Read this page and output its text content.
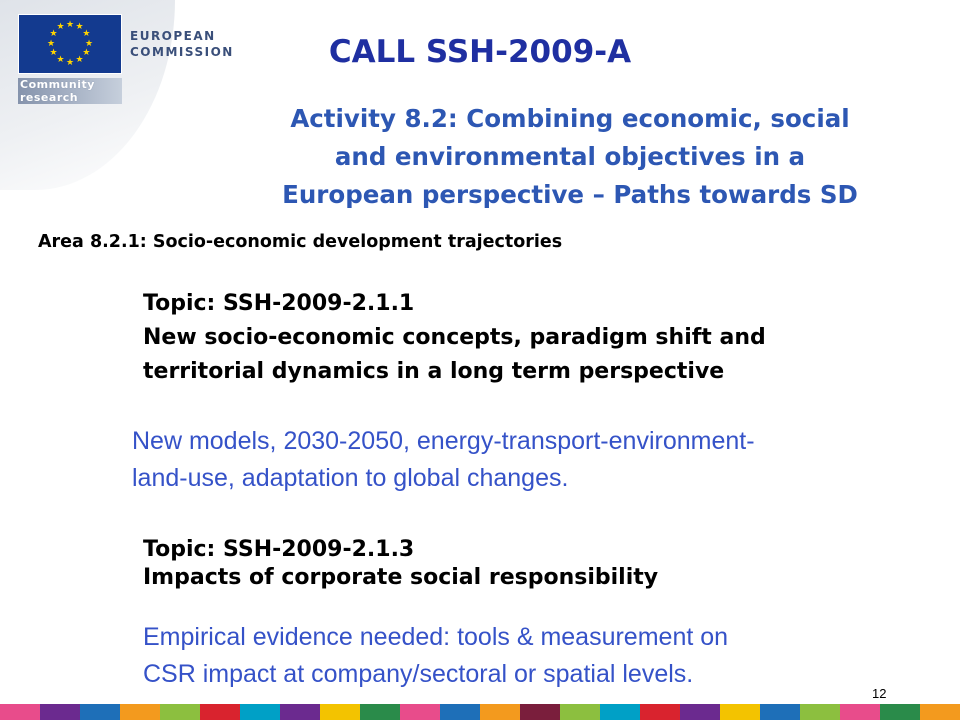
★ ★
★
★
★
★
★
★
★
★
★
★
EUROPEAN
COMMISSION
Community research
CALL SSH-2009-A
Activity 8.2: Combining economic, social
and environmental objectives in a
European perspective – Paths towards SD
Area 8.2.1: Socio-economic development trajectories
Topic: SSH-2009-2.1.1
New socio-economic concepts, paradigm shift and
territorial dynamics in a long term perspective
New models, 2030-2050, energy-transport-environment-
land-use, adaptation to global changes.
Topic: SSH-2009-2.1.3
Impacts of corporate social responsibility
Empirical evidence needed: tools & measurement on
CSR impact at company/sectoral or spatial levels.
12
